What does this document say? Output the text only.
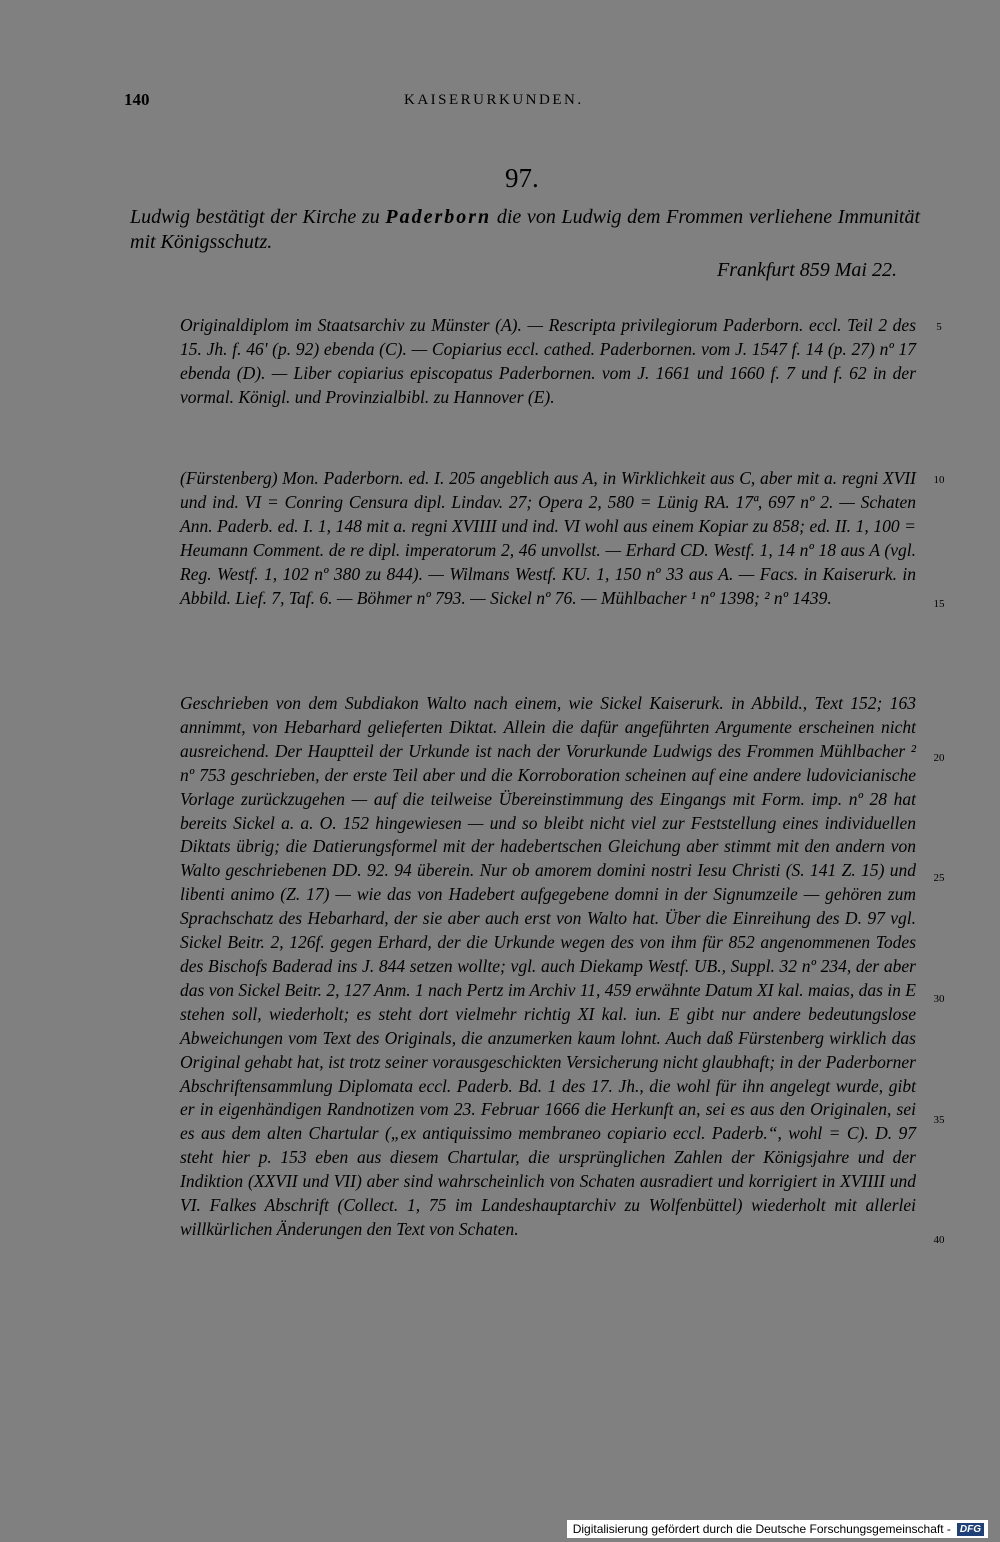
140	KAISERURKUNDEN.
97.
Ludwig bestätigt der Kirche zu Paderborn die von Ludwig dem Frommen verliehene Immunität mit Königsschutz.
Frankfurt 859 Mai 22.
Originaldiplom im Staatsarchiv zu Münster (A). — Rescripta privilegiorum Paderborn. eccl. Teil 2 des 15. Jh. f. 46' (p. 92) ebenda (C). — Copiarius eccl. cathed. Paderbornen. vom J. 1547 f. 14 (p. 27) nº 17 ebenda (D). — Liber copiarius episcopatus Paderbornen. vom J. 1661 und 1660 f. 7 und f. 62 in der vormal. Königl. und Provinzialbibl. zu Hannover (E).
(Fürstenberg) Mon. Paderborn. ed. I. 205 angeblich aus A, in Wirklichkeit aus C, aber mit a. regni XVII und ind. VI = Conring Censura dipl. Lindav. 27; Opera 2, 580 = Lünig RA. 17ª, 697 nº 2. — Schaten Ann. Paderb. ed. I. 1, 148 mit a. regni XVIIII und ind. VI wohl aus einem Kopiar zu 858; ed. II. 1, 100 = Heumann Comment. de re dipl. imperatorum 2, 46 unvollst. — Erhard CD. Westf. 1, 14 nº 18 aus A (vgl. Reg. Westf. 1, 102 nº 380 zu 844). — Wilmans Westf. KU. 1, 150 nº 33 aus A. — Facs. in Kaiserurk. in Abbild. Lief. 7, Taf. 6. — Böhmer nº 793. — Sickel nº 76. — Mühlbacher ¹ nº 1398; ² nº 1439.
Geschrieben von dem Subdiakon Walto nach einem, wie Sickel Kaiserurk. in Abbild., Text 152; 163 annimmt, von Hebarhard gelieferten Diktat. Allein die dafür angeführten Argumente erscheinen nicht ausreichend. Der Hauptteil der Urkunde ist nach der Vorurkunde Ludwigs des Frommen Mühlbacher ² nº 753 geschrieben, der erste Teil aber und die Korroboration scheinen auf eine andere ludovicianische Vorlage zurückzugehen — auf die teilweise Übereinstimmung des Eingangs mit Form. imp. nº 28 hat bereits Sickel a. a. O. 152 hingewiesen — und so bleibt nicht viel zur Feststellung eines individuellen Diktats übrig; die Datierungsformel mit der hadebertschen Gleichung aber stimmt mit den andern von Walto geschriebenen DD. 92. 94 überein. Nur ob amorem domini nostri Iesu Christi (S. 141 Z. 15) und libenti animo (Z. 17) — wie das von Hadebert aufgegebene domni in der Signumzeile — gehören zum Sprachschatz des Hebarhard, der sie aber auch erst von Walto hat. Über die Einreihung des D. 97 vgl. Sickel Beitr. 2, 126f. gegen Erhard, der die Urkunde wegen des von ihm für 852 angenommenen Todes des Bischofs Baderad ins J. 844 setzen wollte; vgl. auch Diekamp Westf. UB., Suppl. 32 nº 234, der aber das von Sickel Beitr. 2, 127 Anm. 1 nach Pertz im Archiv 11, 459 erwähnte Datum XI kal. maias, das in E stehen soll, wiederholt; es steht dort vielmehr richtig XI kal. iun. E gibt nur andere bedeutungslose Abweichungen vom Text des Originals, die anzumerken kaum lohnt. Auch daß Fürstenberg wirklich das Original gehabt hat, ist trotz seiner vorausgeschickten Versicherung nicht glaubhaft; in der Paderborner Abschriftensammlung Diplomata eccl. Paderb. Bd. 1 des 17. Jh., die wohl für ihn angelegt wurde, gibt er in eigenhändigen Randnotizen vom 23. Februar 1666 die Herkunft an, sei es aus den Originalen, sei es aus dem alten Chartular („ex antiquissimo membraneo copiario eccl. Paderb.“, wohl = C). D. 97 steht hier p. 153 eben aus diesem Chartular, die ursprünglichen Zahlen der Königsjahre und der Indiktion (XXVII und VII) aber sind wahrscheinlich von Schaten ausradiert und korrigiert in XVIIII und VI. Falkes Abschrift (Collect. 1, 75 im Landeshauptarchiv zu Wolfenbüttel) wiederholt mit allerlei willkürlichen Änderungen den Text von Schaten.
5
10
15
20
25
30
35
40
Digitalisierung gefördert durch die Deutsche Forschungsgemeinschaft - DFG
